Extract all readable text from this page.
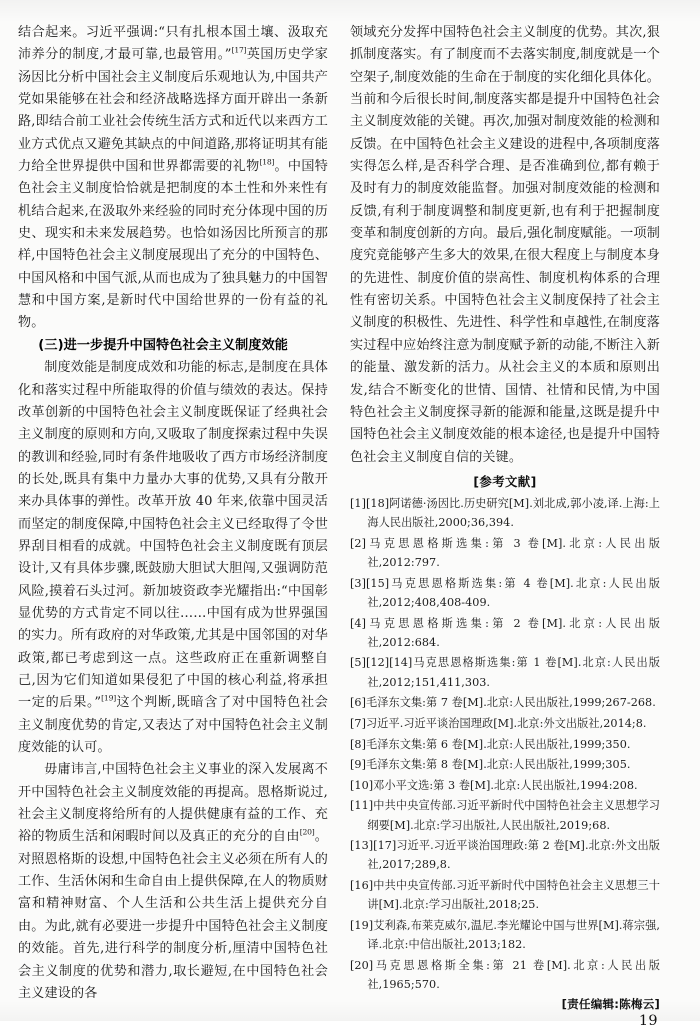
结合起来。习近平强调:“只有扎根本国土壤、汲取充沛养分的制度,才最可靠,也最管用。”[17]英国历史学家汤因比分析中国社会主义制度后乐观地认为,中国共产党如果能够在社会和经济战略选择方面开辟出一条新路,即结合前工业社会传统生活方式和近代以来西方工业方式优点又避免其缺点的中间道路,那将证明其有能力给全世界提供中国和世界都需要的礼物[18]。中国特色社会主义制度恰恰就是把制度的本土性和外来性有机结合起来,在汲取外来经验的同时充分体现中国的历史、现实和未来发展趋势。也恰如汤因比所预言的那样,中国特色社会主义制度展现出了充分的中国特色、中国风格和中国气派,从而也成为了独具魅力的中国智慧和中国方案,是新时代中国给世界的一份有益的礼物。

(三)进一步提升中国特色社会主义制度效能

制度效能是制度成效和功能的标志,是制度在具体化和落实过程中所能取得的价值与绩效的表达。保持改革创新的中国特色社会主义制度既保证了经典社会主义制度的原则和方向,又吸取了制度探索过程中失误的教训和经验,同时有条件地吸收了西方市场经济制度的长处,既具有集中力量办大事的优势,又具有分散开来办具体事的弹性。改革开放 40 年来,依靠中国灵活而坚定的制度保障,中国特色社会主义已经取得了令世界刮目相看的成就。中国特色社会主义制度既有顶层设计,又有具体步骤,既鼓励大胆试大胆闯,又强调防范风险,摸着石头过河。新加坡资政李光耀指出:“中国彰显优势的方式肯定不同以往……中国有成为世界强国的实力。所有政府的对华政策,尤其是中国邻国的对华政策,都已考虑到这一点。这些政府正在重新调整自己,因为它们知道如果侵犯了中国的核心利益,将承担一定的后果。”[19]这个判断,既暗含了对中国特色社会主义制度优势的肯定,又表达了对中国特色社会主义制度效能的认可。

毋庸讳言,中国特色社会主义事业的深入发展离不开中国特色社会主义制度效能的再提高。恩格斯说过,社会主义制度将给所有的人提供健康有益的工作、充裕的物质生活和闲暇时间以及真正的充分的自由[20]。对照恩格斯的设想,中国特色社会主义必须在所有人的工作、生活休闲和生命自由上提供保障,在人的物质财富和精神财富、个人生活和公共生活上提供充分自由。为此,就有必要进一步提升中国特色社会主义制度的效能。首先,进行科学的制度分析,厘清中国特色社会主义制度的优势和潜力,取长避短,在中国特色社会主义建设的各

领域充分发挥中国特色社会主义制度的优势。其次,狠抓制度落实。有了制度而不去落实制度,制度就是一个空架子,制度效能的生命在于制度的实化细化具体化。当前和今后很长时间,制度落实都是提升中国特色社会主义制度效能的关键。再次,加强对制度效能的检测和反馈。在中国特色社会主义建设的进程中,各项制度落实得怎么样,是否科学合理、是否准确到位,都有赖于及时有力的制度效能监督。加强对制度效能的检测和反馈,有利于制度调整和制度更新,也有利于把握制度变革和制度创新的方向。最后,强化制度赋能。一项制度究竟能够产生多大的效果,在很大程度上与制度本身的先进性、制度价值的崇高性、制度机构体系的合理性有密切关系。中国特色社会主义制度保持了社会主义制度的积极性、先进性、科学性和卓越性,在制度落实过程中应始终注意为制度赋予新的动能,不断注入新的能量、激发新的活力。从社会主义的本质和原则出发,结合不断变化的世情、国情、社情和民情,为中国特色社会主义制度探寻新的能源和能量,这既是提升中国特色社会主义制度效能的根本途径,也是提升中国特色社会主义制度自信的关键。

[参考文献]
[1][18]阿诺德·汤因比.历史研究[M].刘北成,郭小凌,译.上海:上海人民出版社,2000;36,394.
[2]马克思恩格斯选集:第 3 卷[M].北京:人民出版社,2012:797.
[3][15]马克思恩格斯选集:第 4 卷[M].北京:人民出版社,2012;408,408-409.
[4]马克思恩格斯选集:第 2 卷[M].北京:人民出版社,2012:684.
[5][12][14]马克思恩格斯选集:第 1 卷[M].北京:人民出版社,2012;151,411,303.
[6]毛泽东文集:第 7 卷[M].北京:人民出版社,1999;267-268.
[7]习近平.习近平谈治国理政[M].北京:外文出版社,2014;8.
[8]毛泽东文集:第 6 卷[M].北京:人民出版社,1999;350.
[9]毛泽东文集:第 8 卷[M].北京:人民出版社,1999;305.
[10]邓小平文选:第 3 卷[M].北京:人民出版社,1994:208.
[11]中共中央宣传部.习近平新时代中国特色社会主义思想学习纲要[M].北京:学习出版社,人民出版社,2019;68.
[13][17]习近平.习近平谈治国理政:第 2 卷[M].北京:外文出版社,2017;289,8.
[16]中共中央宣传部.习近平新时代中国特色社会主义思想三十讲[M].北京:学习出版社,2018;25.
[19]艾利森,布莱克威尔,温尼.李光耀论中国与世界[M].蒋宗强,译.北京:中信出版社,2013;182.
[20]马克思恩格斯全集:第 21 卷[M].北京:人民出版社,1965;570.
[责任编辑:陈梅云]
19
